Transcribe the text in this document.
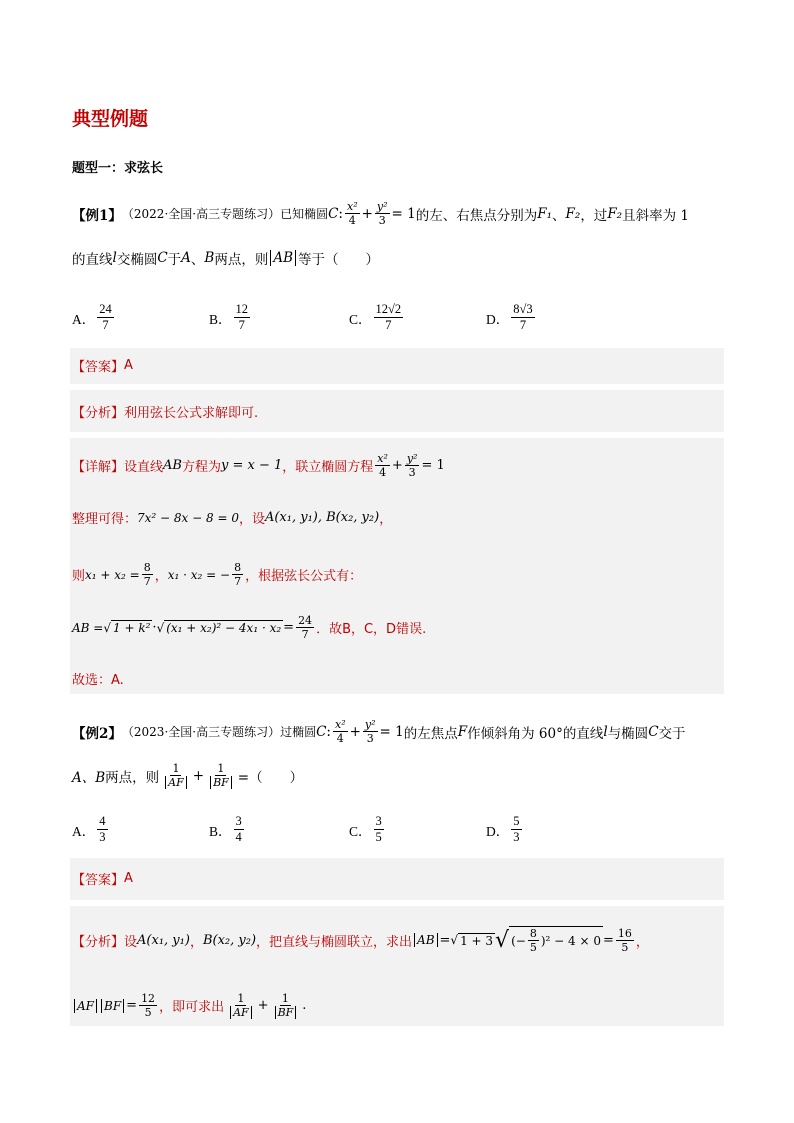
典型例题
题型一：求弦长
【例1】 （2022·全国·高三专题练习）已知椭圆 C : $\frac{\text{x²}}{4} + \frac{\text{y²}}{3} = 1$ 的左、右焦点分别为 F₁ 、 F₂ ，过 F₂ 且斜率为 1
的直线 l 交椭圆 C 于 A 、 B 两点，则 AB 等于（　　）
A． $\frac{24}{7}$	B． $\frac{12}{7}$	C． $\frac{12√2}{7}$	D． $\frac{8√3}{7}$
【答案】 A
【分析】 利用弦长公式求解即可.
【详解】 设直线 AB 方程为 y = x − 1 ，联立椭圆方程 $\frac{\text{x²}}{4} + \frac{\text{y²}}{3} = 1$
整理可得： 7x² − 8x − 8 = 0 ，设 A(x₁, y₁), B(x₂, y₂) ，
则 $x_1 + x_2 = \frac{8}{7}$ ， x₁ · x₂ = − $\frac{8}{7}$ ，根据弦长公式有：
AB = √ 1 + k² · √ $(x_1 + x_2)^2 - 4x_1 \cdot x_2 = \frac{24}{7}$ ．故B，C，D错误.
故选：A.
【例2】 （2023·全国·高三专题练习）过椭圆 C : $\frac{\text{x²}}{4} + \frac{\text{y²}}{3} = 1$ 的左焦点 F 作倾斜角为 60°的直线 l 与椭圆 C 交于
A、B 两点，则 $\frac{1}{AF} + \frac{1}{BF}$ =（　　）
A． $\frac{4}{3}$	B． $\frac{3}{4}$	C． $\frac{3}{5}$	D． $\frac{5}{3}$
【答案】 A
【分析】 设 A(x₁, y₁) ， B(x₂, y₂) ，把直线与椭圆联立，求出 AB = √ 1 + 3 √ ( − $\frac{8}{5}$ ) $^2 - 4 \times 0 = \frac{16}{5}$ ，
AF BF = $\frac{12}{5}$ ，即可求出 $\frac{1}{AF} + \frac{1}{BF}$ .
